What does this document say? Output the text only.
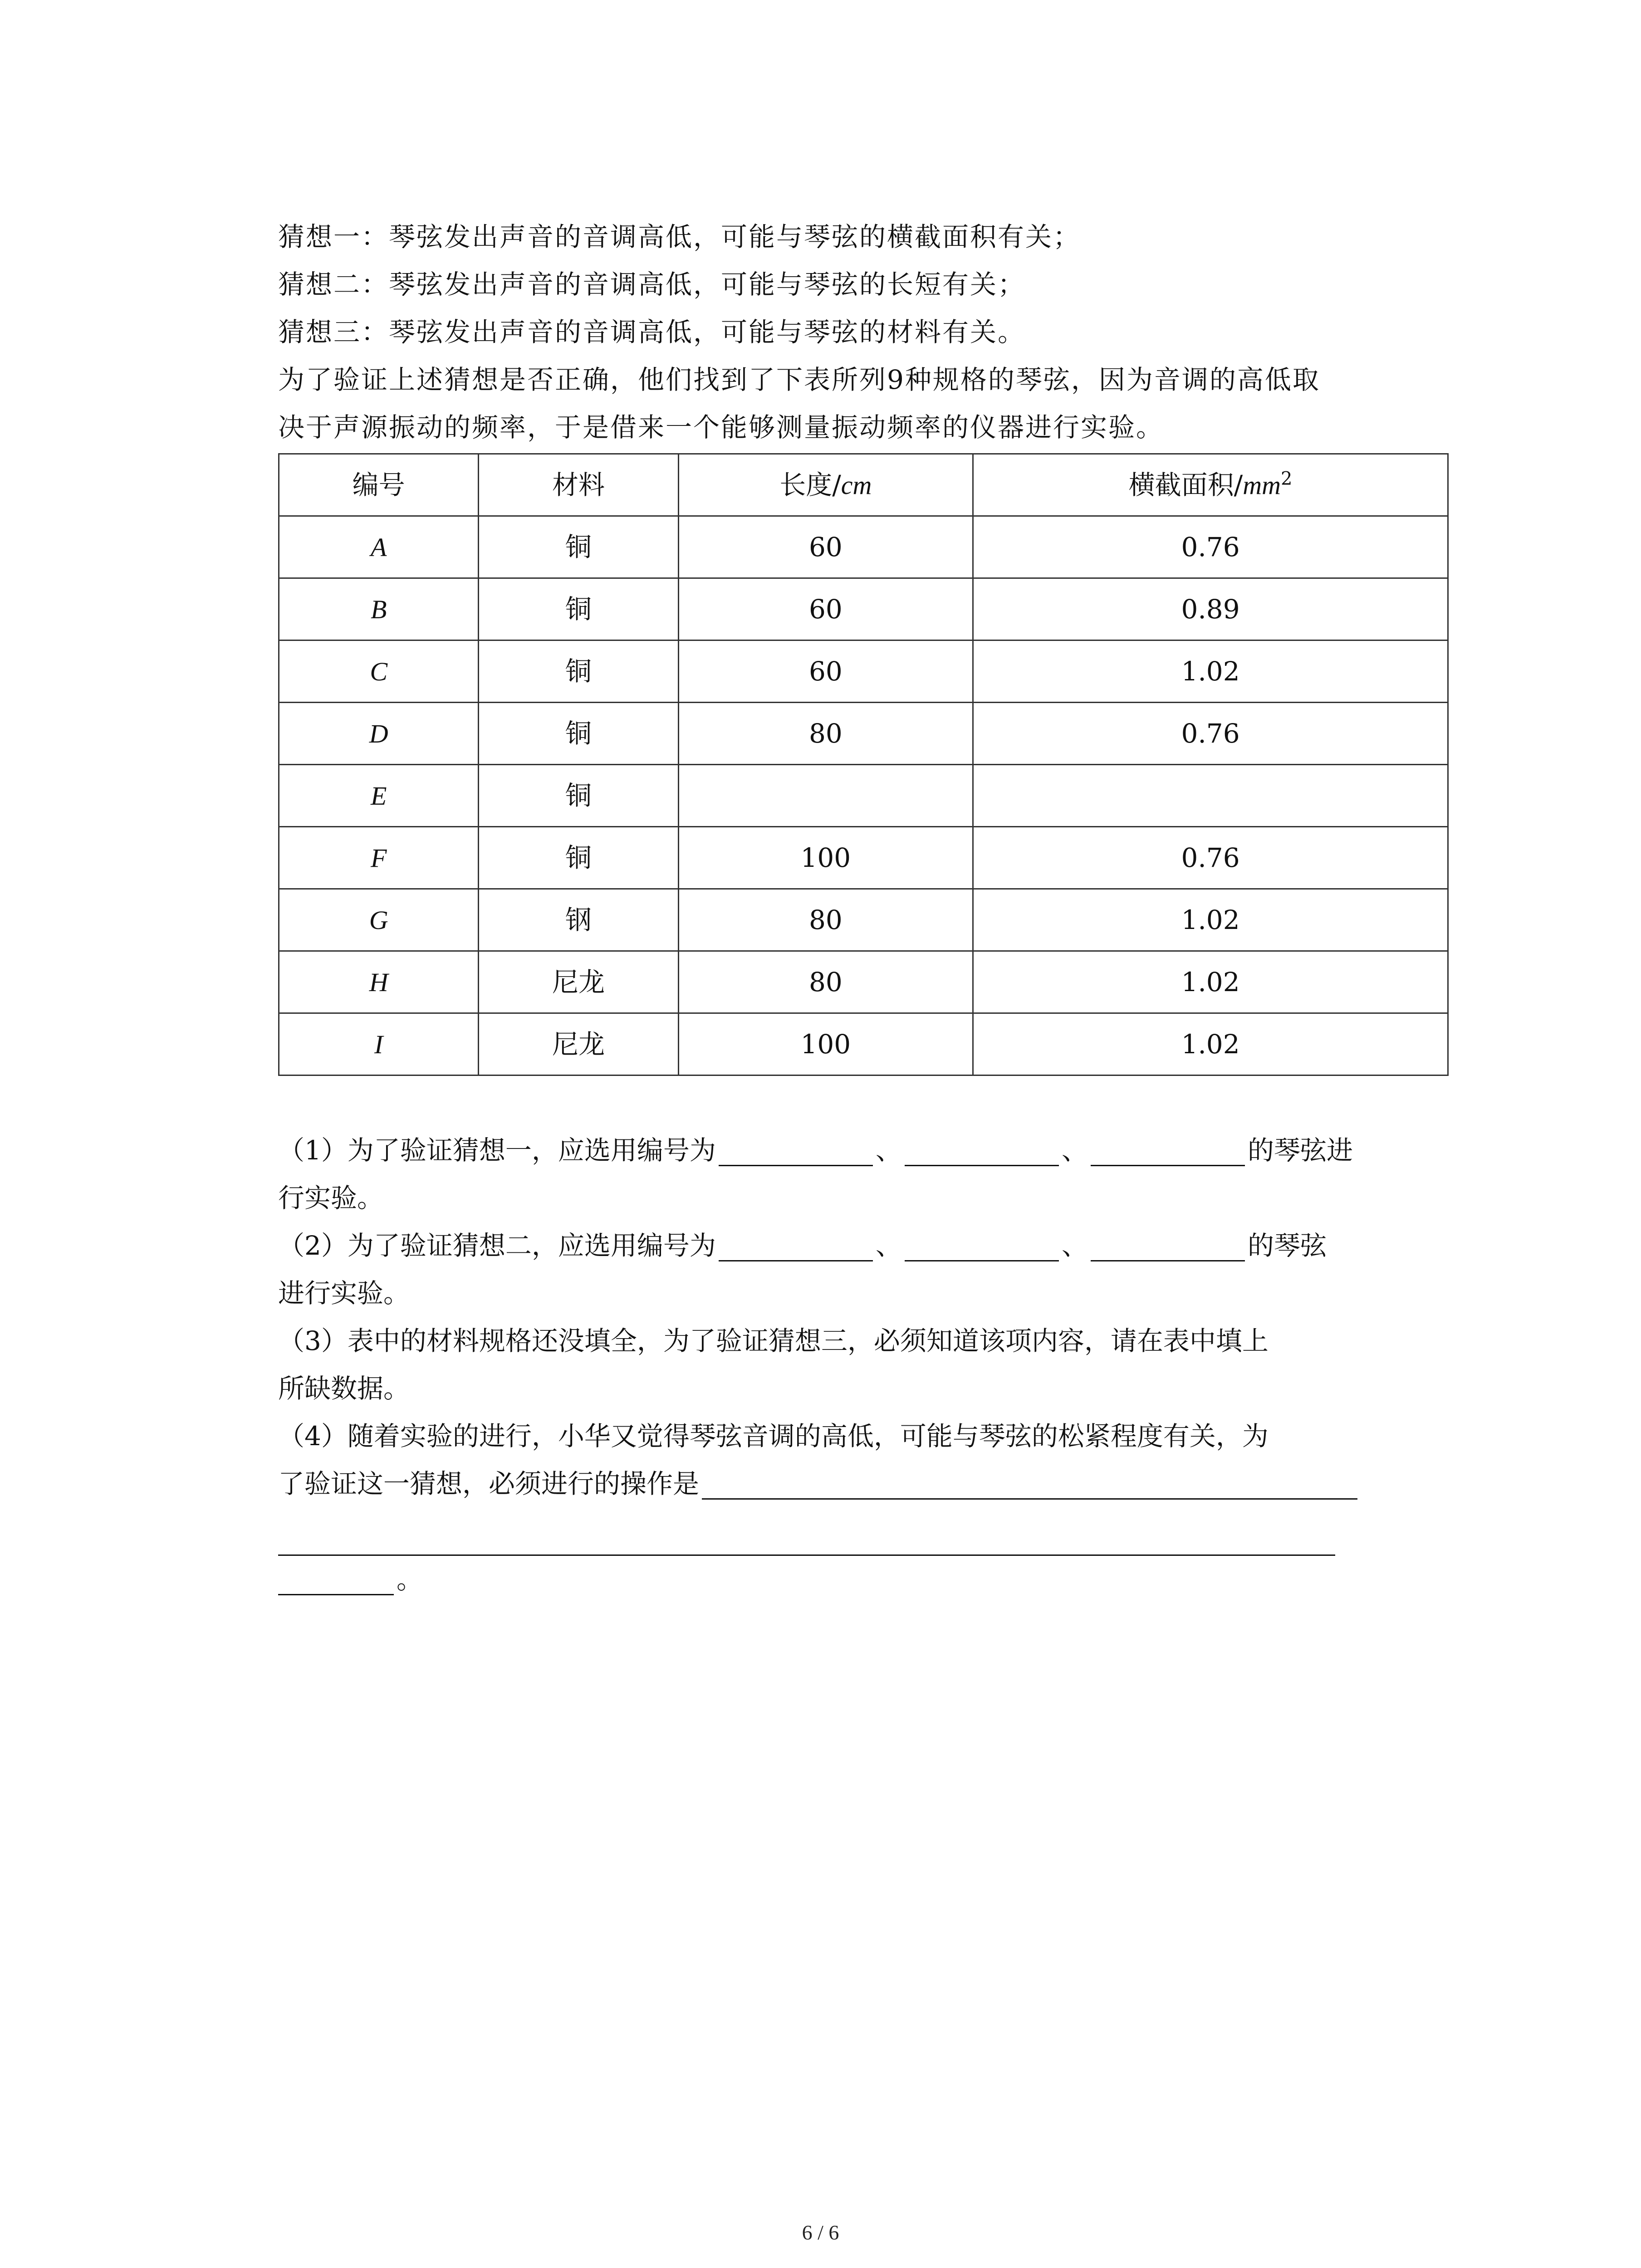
猜想一：琴弦发出声音的音调高低，可能与琴弦的横截面积有关；
猜想二：琴弦发出声音的音调高低，可能与琴弦的长短有关；
猜想三：琴弦发出声音的音调高低，可能与琴弦的材料有关。
为了验证上述猜想是否正确，他们找到了下表所列9种规格的琴弦，因为音调的高低取
决于声源振动的频率，于是借来一个能够测量振动频率的仪器进行实验。
编号	材料	长度/cm	横截面积$/mm^2$
A	铜	60	0.76
B	铜	60	0.89
C	铜	60	1.02
D	铜	80	0.76
E	铜		
F	铜	100	0.76
G	钢	80	1.02
H	尼龙	80	1.02
I	尼龙	100	1.02
（1）为了验证猜想一，应选用编号为	、	、	的琴弦进
行实验。
（2）为了验证猜想二，应选用编号为	、	、	的琴弦
进行实验。
（3）表中的材料规格还没填全，为了验证猜想三，必须知道该项内容，请在表中填上
所缺数据。
（4）随着实验的进行，小华又觉得琴弦音调的高低，可能与琴弦的松紧程度有关，为
了验证这一猜想，必须进行的操作是
。
6 / 6
